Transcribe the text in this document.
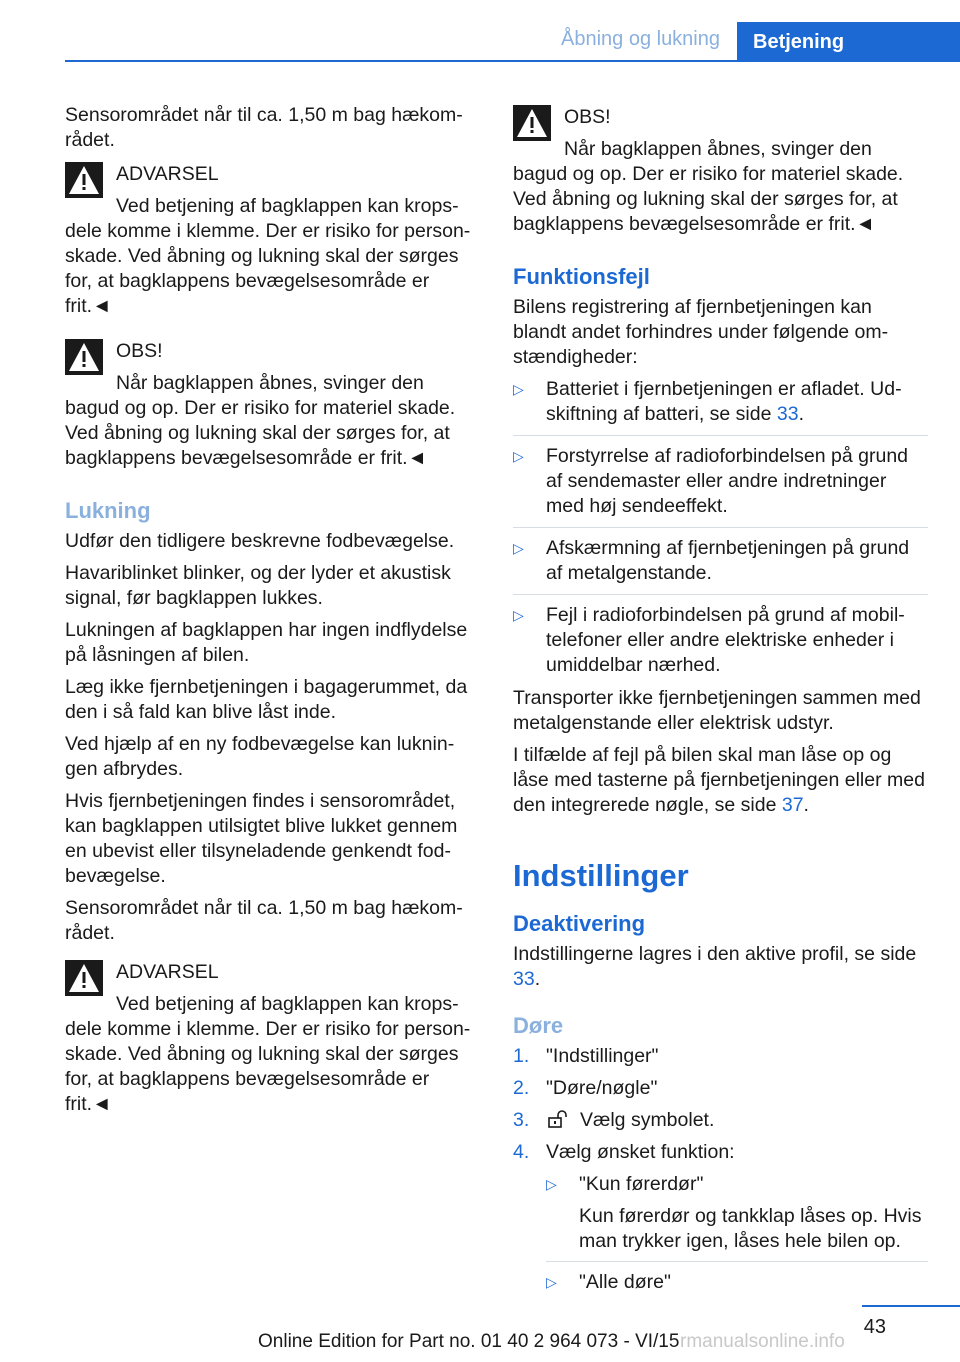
Åbning og lukning	Betjening

Sensorområdet når til ca. 1,50 m bag hækområdet.

ADVARSEL
Ved betjening af bagklappen kan kropsdele komme i klemme. Der er risiko for personskade. Ved åbning og lukning skal der sørges for, at bagklappens bevægelsesområde er frit.◄
OBS!
Når bagklappen åbnes, svinger den bagud og op. Der er risiko for materiel skade. Ved åbning og lukning skal der sørges for, at bagklappens bevægelsesområde er frit.◄
Lukning

Udfør den tidligere beskrevne fodbevægelse.

Havariblinket blinker, og der lyder et akustisk signal, før bagklappen lukkes.

Lukningen af bagklappen har ingen indflydelse på låsningen af bilen.

Læg ikke fjernbetjeningen i bagagerummet, da den i så fald kan blive låst inde.

Ved hjælp af en ny fodbevægelse kan lukningen afbrydes.

Hvis fjernbetjeningen findes i sensorområdet, kan bagklappen utilsigtet blive lukket gennem en ubevist eller tilsyneladende genkendt fodbevægelse.

Sensorområdet når til ca. 1,50 m bag hækområdet.

ADVARSEL
Ved betjening af bagklappen kan kropsdele komme i klemme. Der er risiko for personskade. Ved åbning og lukning skal der sørges for, at bagklappens bevægelsesområde er frit.◄
OBS!
Når bagklappen åbnes, svinger den bagud og op. Der er risiko for materiel skade. Ved åbning og lukning skal der sørges for, at bagklappens bevægelsesområde er frit.◄
Funktionsfejl

Bilens registrering af fjernbetjeningen kan blandt andet forhindres under følgende omstændigheder:

▷ Batteriet i fjernbetjeningen er afladet. Udskiftning af batteri, se side 33.
▷ Forstyrrelse af radioforbindelsen på grund af sendemaster eller andre indretninger med høj sendeeffekt.
▷ Afskærmning af fjernbetjeningen på grund af metalgenstande.
▷ Fejl i radioforbindelsen på grund af mobiltelefoner eller andre elektriske enheder i umiddelbar nærhed.

Transporter ikke fjernbetjeningen sammen med metalgenstande eller elektrisk udstyr.

I tilfælde af fejl på bilen skal man låse op og låse med tasterne på fjernbetjeningen eller med den integrerede nøgle, se side 37.

Indstillinger
Deaktivering

Indstillingerne lagres i den aktive profil, se side 33.

Døre
1. "Indstillinger"
2. "Døre/nøgle"
3.	Vælg symbolet.
4. Vælg ønsket funktion:
▷ "Kun førerdør"
Kun førerdør og tankklap låses op. Hvis man trykker igen, låses hele bilen op.
▷ "Alle døre"
43
Online Edition for Part no. 01 40 2 964 073 - VI/15 rmanualsonline.info
